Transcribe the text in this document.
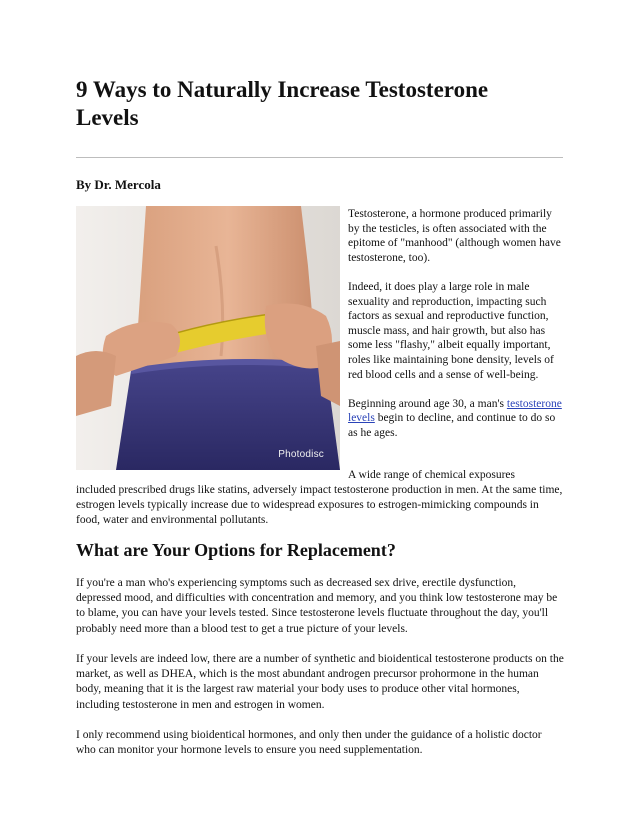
9 Ways to Naturally Increase Testosterone Levels

By Dr. Mercola

Photodisc

Testosterone, a hormone produced primarily by the testicles, is often associated with the epitome of "manhood" (although women have testosterone, too).

Indeed, it does play a large role in male sexuality and reproduction, impacting such factors as sexual and reproductive function, muscle mass, and hair growth, but also has some less "flashy," albeit equally important, roles like maintaining bone density, levels of red blood cells and a sense of well-being.

Beginning around age 30, a man's testosterone levels begin to decline, and continue to do so as he ages.

A wide range of chemical exposures

included prescribed drugs like statins, adversely impact testosterone production in men. At the same time, estrogen levels typically increase due to widespread exposures to estrogen-mimicking compounds in food, water and environmental pollutants.

What are Your Options for Replacement?

If you're a man who's experiencing symptoms such as decreased sex drive, erectile dysfunction, depressed mood, and difficulties with concentration and memory, and you think low testosterone may be to blame, you can have your levels tested. Since testosterone levels fluctuate throughout the day, you'll probably need more than a blood test to get a true picture of your levels.

If your levels are indeed low, there are a number of synthetic and bioidentical testosterone products on the market, as well as DHEA, which is the most abundant androgen precursor prohormone in the human body, meaning that it is the largest raw material your body uses to produce other vital hormones, including testosterone in men and estrogen in women.

I only recommend using bioidentical hormones, and only then under the guidance of a holistic doctor who can monitor your hormone levels to ensure you need supplementation.
